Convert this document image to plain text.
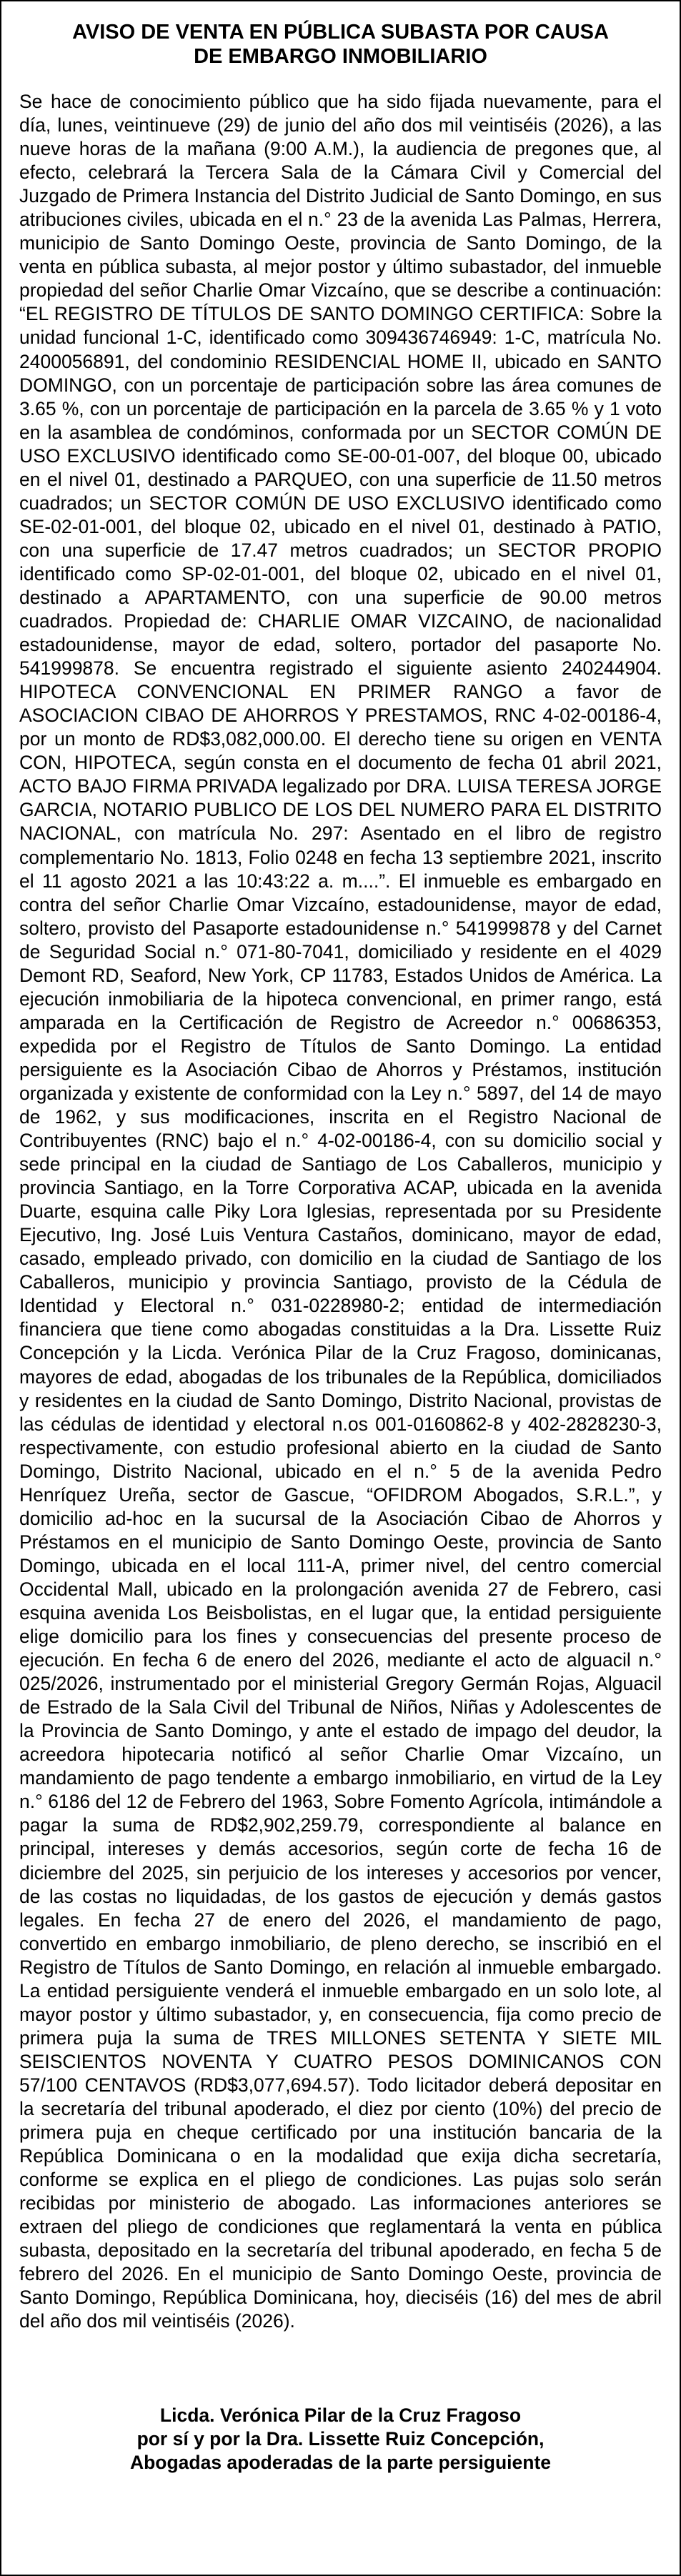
AVISO DE VENTA EN PÚBLICA SUBASTA POR CAUSA
DE EMBARGO INMOBILIARIO

Se hace de conocimiento público que ha sido fijada nuevamente, para el día, lunes, veintinueve (29) de junio del año dos mil veintiséis (2026), a las nueve horas de la mañana (9:00 A.M.), la audiencia de pregones que, al efecto, celebrará la Tercera Sala de la Cámara Civil y Comercial del Juzgado de Primera Instancia del Distrito Judicial de Santo Domingo, en sus atribuciones civiles, ubicada en el n.° 23 de la avenida Las Palmas, Herrera, municipio de Santo Domingo Oeste, provincia de Santo Domingo, de la venta en pública subasta, al mejor postor y último subastador, del inmueble propiedad del señor Charlie Omar Vizcaíno, que se describe a continuación: “EL REGISTRO DE TÍTULOS DE SANTO DOMINGO CERTIFICA: Sobre la unidad funcional 1-C, identificado como 309436746949: 1-C, matrícula No. 2400056891, del condominio RESIDENCIAL HOME II, ubicado en SANTO DOMINGO, con un porcentaje de participación sobre las área comunes de 3.65 %, con un porcentaje de participación en la parcela de 3.65 % y 1 voto en la asamblea de condóminos, conformada por un SECTOR COMÚN DE USO EXCLUSIVO identificado como SE-00-01-007, del bloque 00, ubicado en el nivel 01, destinado a PARQUEO, con una superficie de 11.50 metros cuadrados; un SECTOR COMÚN DE USO EXCLUSIVO identificado como SE-02-01-001, del bloque 02, ubicado en el nivel 01, destinado à PATIO, con una superficie de 17.47 metros cuadrados; un SECTOR PROPIO identificado como SP-02-01-001, del bloque 02, ubicado en el nivel 01, destinado a APARTAMENTO, con una superficie de 90.00 metros cuadrados. Propiedad de: CHARLIE OMAR VIZCAINO, de nacionalidad estadounidense, mayor de edad, soltero, portador del pasaporte No. 541999878. Se encuentra registrado el siguiente asiento 240244904. HIPOTECA CONVENCIONAL EN PRIMER RANGO a favor de ASOCIACION CIBAO DE AHORROS Y PRESTAMOS, RNC 4-02-00186-4, por un monto de RD$3,082,000.00. El derecho tiene su origen en VENTA CON, HIPOTECA, según consta en el documento de fecha 01 abril 2021, ACTO BAJO FIRMA PRIVADA legalizado por DRA. LUISA TERESA JORGE GARCIA, NOTARIO PUBLICO DE LOS DEL NUMERO PARA EL DISTRITO NACIONAL, con matrícula No. 297: Asentado en el libro de registro complementario No. 1813, Folio 0248 en fecha 13 septiembre 2021, inscrito el 11 agosto 2021 a las 10:43:22 a. m....”. El inmueble es embargado en contra del señor Charlie Omar Vizcaíno, estadounidense, mayor de edad, soltero, provisto del Pasaporte estadounidense n.° 541999878 y del Carnet de Seguridad Social n.° 071-80-7041, domiciliado y residente en el 4029 Demont RD, Seaford, New York, CP 11783, Estados Unidos de América. La ejecución inmobiliaria de la hipoteca convencional, en primer rango, está amparada en la Certificación de Registro de Acreedor n.° 00686353, expedida por el Registro de Títulos de Santo Domingo. La entidad persiguiente es la Asociación Cibao de Ahorros y Préstamos, institución organizada y existente de conformidad con la Ley n.° 5897, del 14 de mayo de 1962, y sus modificaciones, inscrita en el Registro Nacional de Contribuyentes (RNC) bajo el n.° 4-02-00186-4, con su domicilio social y sede principal en la ciudad de Santiago de Los Caballeros, municipio y provincia Santiago, en la Torre Corporativa ACAP, ubicada en la avenida Duarte, esquina calle Piky Lora Iglesias, representada por su Presidente Ejecutivo, Ing. José Luis Ventura Castaños, dominicano, mayor de edad, casado, empleado privado, con domicilio en la ciudad de Santiago de los Caballeros, municipio y provincia Santiago, provisto de la Cédula de Identidad y Electoral n.° 031-0228980-2; entidad de intermediación financiera que tiene como abogadas constituidas a la Dra. Lissette Ruiz Concepción y la Licda. Verónica Pilar de la Cruz Fragoso, dominicanas, mayores de edad, abogadas de los tribunales de la República, domiciliados y residentes en la ciudad de Santo Domingo, Distrito Nacional, provistas de las cédulas de identidad y electoral n.os 001-0160862-8 y 402-2828230-3, respectivamente, con estudio profesional abierto en la ciudad de Santo Domingo, Distrito Nacional, ubicado en el n.° 5 de la avenida Pedro Henríquez Ureña, sector de Gascue, “OFIDROM Abogados, S.R.L.”, y domicilio ad-hoc en la sucursal de la Asociación Cibao de Ahorros y Préstamos en el municipio de Santo Domingo Oeste, provincia de Santo Domingo, ubicada en el local 111-A, primer nivel, del centro comercial Occidental Mall, ubicado en la prolongación avenida 27 de Febrero, casi esquina avenida Los Beisbolistas, en el lugar que, la entidad persiguiente elige domicilio para los fines y consecuencias del presente proceso de ejecución. En fecha 6 de enero del 2026, mediante el acto de alguacil n.° 025/2026, instrumentado por el ministerial Gregory Germán Rojas, Alguacil de Estrado de la Sala Civil del Tribunal de Niños, Niñas y Adolescentes de la Provincia de Santo Domingo, y ante el estado de impago del deudor, la acreedora hipotecaria notificó al señor Charlie Omar Vizcaíno, un mandamiento de pago tendente a embargo inmobiliario, en virtud de la Ley n.° 6186 del 12 de Febrero del 1963, Sobre Fomento Agrícola, intimándole a pagar la suma de RD$2,902,259.79, correspondiente al balance en principal, intereses y demás accesorios, según corte de fecha 16 de diciembre del 2025, sin perjuicio de los intereses y accesorios por vencer, de las costas no liquidadas, de los gastos de ejecución y demás gastos legales. En fecha 27 de enero del 2026, el mandamiento de pago, convertido en embargo inmobiliario, de pleno derecho, se inscribió en el Registro de Títulos de Santo Domingo, en relación al inmueble embargado. La entidad persiguiente venderá el inmueble embargado en un solo lote, al mayor postor y último subastador, y, en consecuencia, fija como precio de primera puja la suma de TRES MILLONES SETENTA Y SIETE MIL SEISCIENTOS NOVENTA Y CUATRO PESOS DOMINICANOS CON 57/100 CENTAVOS (RD$3,077,694.57). Todo licitador deberá depositar en la secretaría del tribunal apoderado, el diez por ciento (10%) del precio de primera puja en cheque certificado por una institución bancaria de la República Dominicana o en la modalidad que exija dicha secretaría, conforme se explica en el pliego de condiciones. Las pujas solo serán recibidas por ministerio de abogado. Las informaciones anteriores se extraen del pliego de condiciones que reglamentará la venta en pública subasta, depositado en la secretaría del tribunal apoderado, en fecha 5 de febrero del 2026. En el municipio de Santo Domingo Oeste, provincia de Santo Domingo, República Dominicana, hoy, dieciséis (16) del mes de abril del año dos mil veintiséis (2026).

Licda. Verónica Pilar de la Cruz Fragoso
por sí y por la Dra. Lissette Ruiz Concepción,
Abogadas apoderadas de la parte persiguiente
